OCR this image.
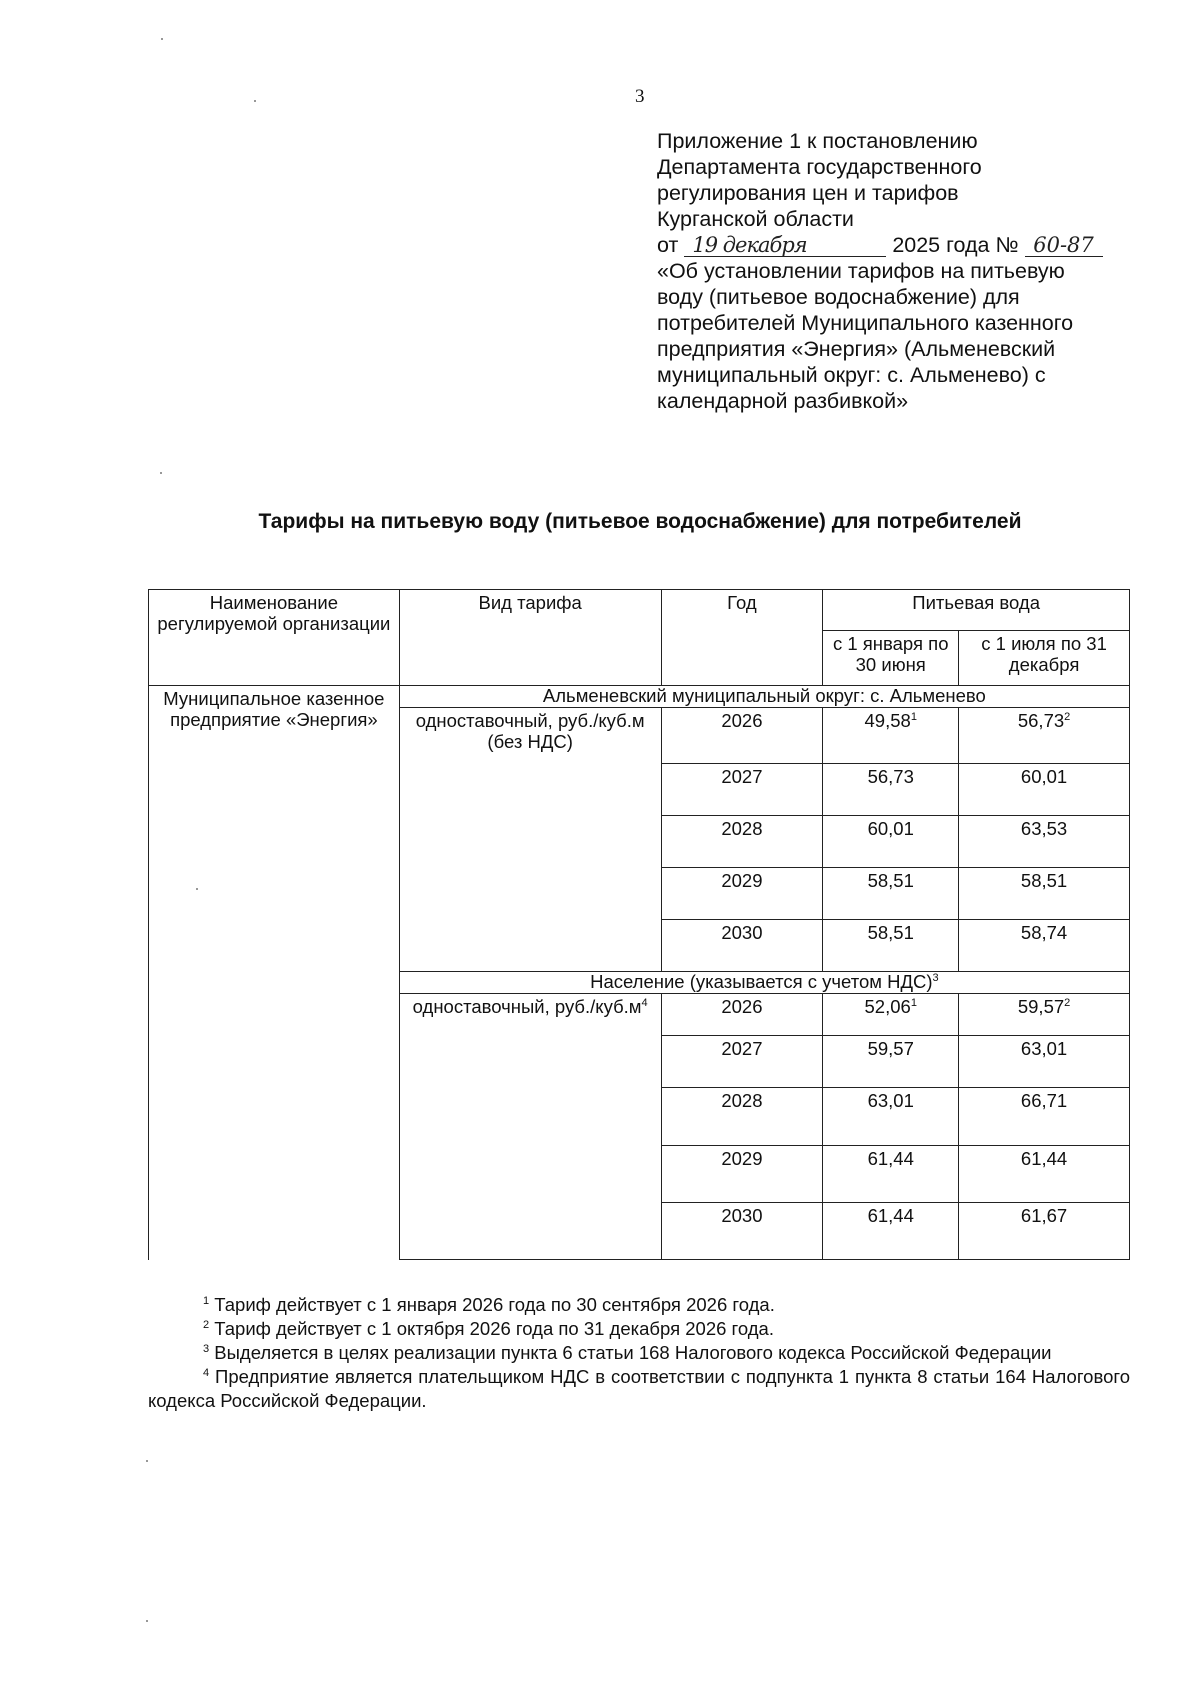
3
Приложение 1 к постановлению
Департамента государственного
регулирования цен и тарифов
Курганской области
от 19 декабря	2025 года № 60-87
«Об установлении тарифов на питьевую
воду (питьевое водоснабжение) для
потребителей Муниципального казенного
предприятия «Энергия» (Альменевский
муниципальный округ: с. Альменево) с
календарной разбивкой»
Тарифы на питьевую воду (питьевое водоснабжение) для потребителей
Наименование регулируемой организации	Вид тарифа	Год	Питьевая вода	
			с 1 января по 30 июня	с 1 июля по 31 декабря
Муниципальное казенное предприятие «Энергия»	Альменевский муниципальный округ: с. Альменево			
	одноставочный, руб./куб.м (без НДС)	2026	49,58$^1$	56,73$^2$
		2027	56,73	60,01
		2028	60,01	63,53
		2029	58,51	58,51
		2030	58,51	58,74
	Население (указывается с учетом НДС)$^3$
	одноставочный, $руб./куб.м^4$	2026	52,06$^1$	59,57$^2$
		2027	59,57	63,01
		2028	63,01	66,71
		2029	61,44	61,44
		2030	61,44	61,67

$^1$ Тариф действует с 1 января 2026 года по 30 сентября 2026 года.

$^2$ Тариф действует с 1 октября 2026 года по 31 декабря 2026 года.

$^3$ Выделяется в целях реализации пункта 6 статьи 168 Налогового кодекса Российской Федерации

$^4$ Предприятие является плательщиком НДС в соответствии с подпункта 1 пункта 8 статьи 164 Налогового кодекса Российской Федерации.
